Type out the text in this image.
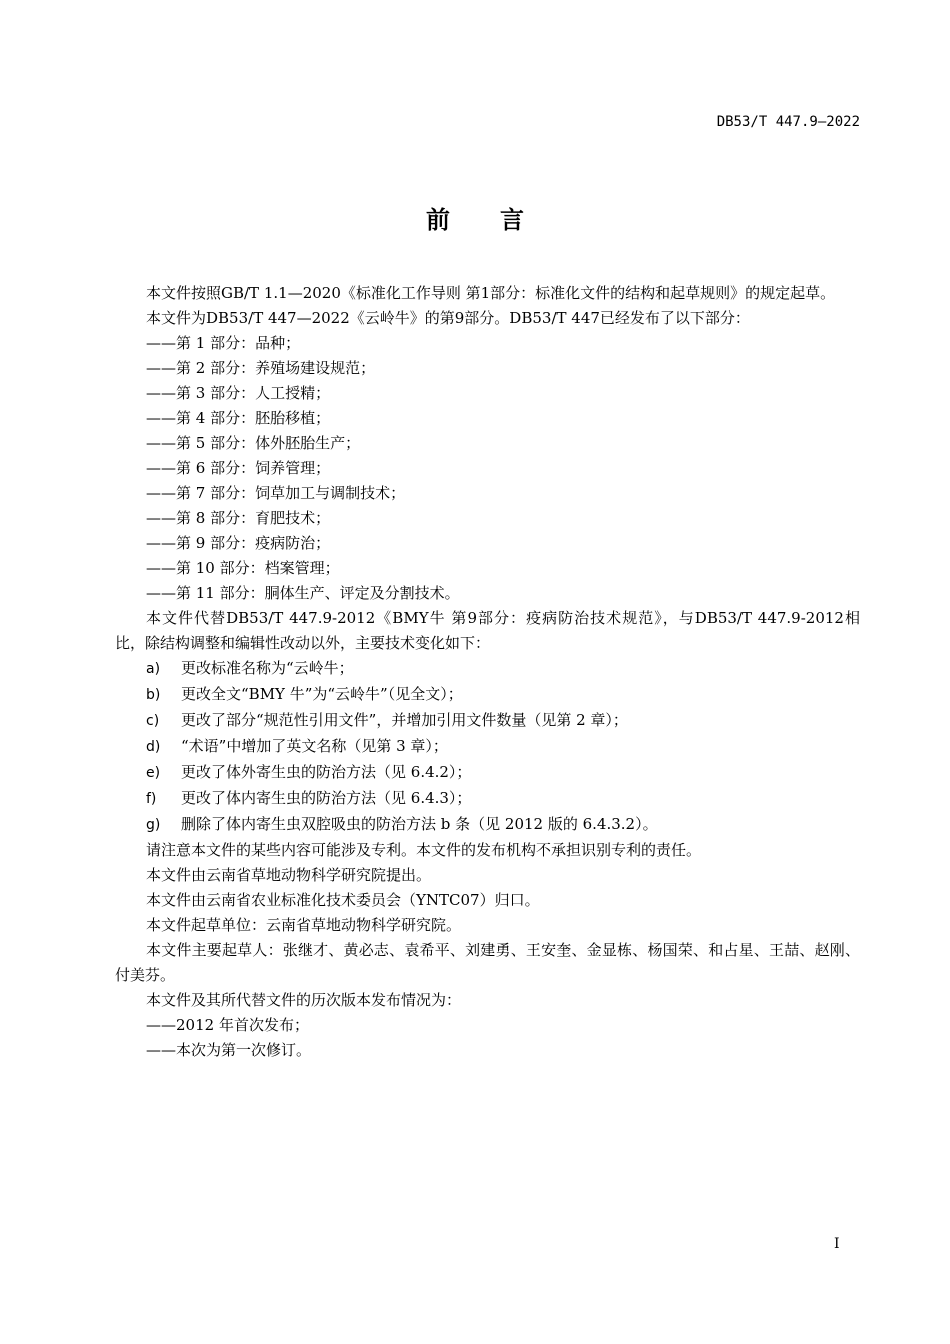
DB53/T 447.9—2022
前 言

本文件按照GB/T 1.1—2020《标准化工作导则 第1部分：标准化文件的结构和起草规则》的规定起草。

本文件为DB53/T 447—2022《云岭牛》的第9部分。DB53/T 447已经发布了以下部分：

——第 1 部分：品种；

——第 2 部分：养殖场建设规范；

——第 3 部分：人工授精；

——第 4 部分：胚胎移植；

——第 5 部分：体外胚胎生产；

——第 6 部分：饲养管理；

——第 7 部分：饲草加工与调制技术；

——第 8 部分：育肥技术；

——第 9 部分：疫病防治；

——第 10 部分：档案管理；

——第 11 部分：胴体生产、评定及分割技术。

本文件代替DB53/T 447.9-2012《BMY牛 第9部分：疫病防治技术规范》，与DB53/T 447.9-2012相比，除结构调整和编辑性改动以外，主要技术变化如下：

a) 更改标准名称为“云岭牛；

b) 更改全文“BMY 牛”为“云岭牛”（见全文）；

c) 更改了部分“规范性引用文件”，并增加引用文件数量（见第 2 章）；

d) “术语”中增加了英文名称（见第 3 章）；

e) 更改了体外寄生虫的防治方法（见 6.4.2）；

f) 更改了体内寄生虫的防治方法（见 6.4.3）；

g) 删除了体内寄生虫双腔吸虫的防治方法 b 条（见 2012 版的 6.4.3.2）。

请注意本文件的某些内容可能涉及专利。本文件的发布机构不承担识别专利的责任。

本文件由云南省草地动物科学研究院提出。

本文件由云南省农业标准化技术委员会（YNTC07）归口。

本文件起草单位：云南省草地动物科学研究院。

本文件主要起草人：张继才、黄必志、袁希平、刘建勇、王安奎、金显栋、杨国荣、和占星、王喆、赵刚、付美芬。

本文件及其所代替文件的历次版本发布情况为：

——2012 年首次发布；

——本次为第一次修订。

I
